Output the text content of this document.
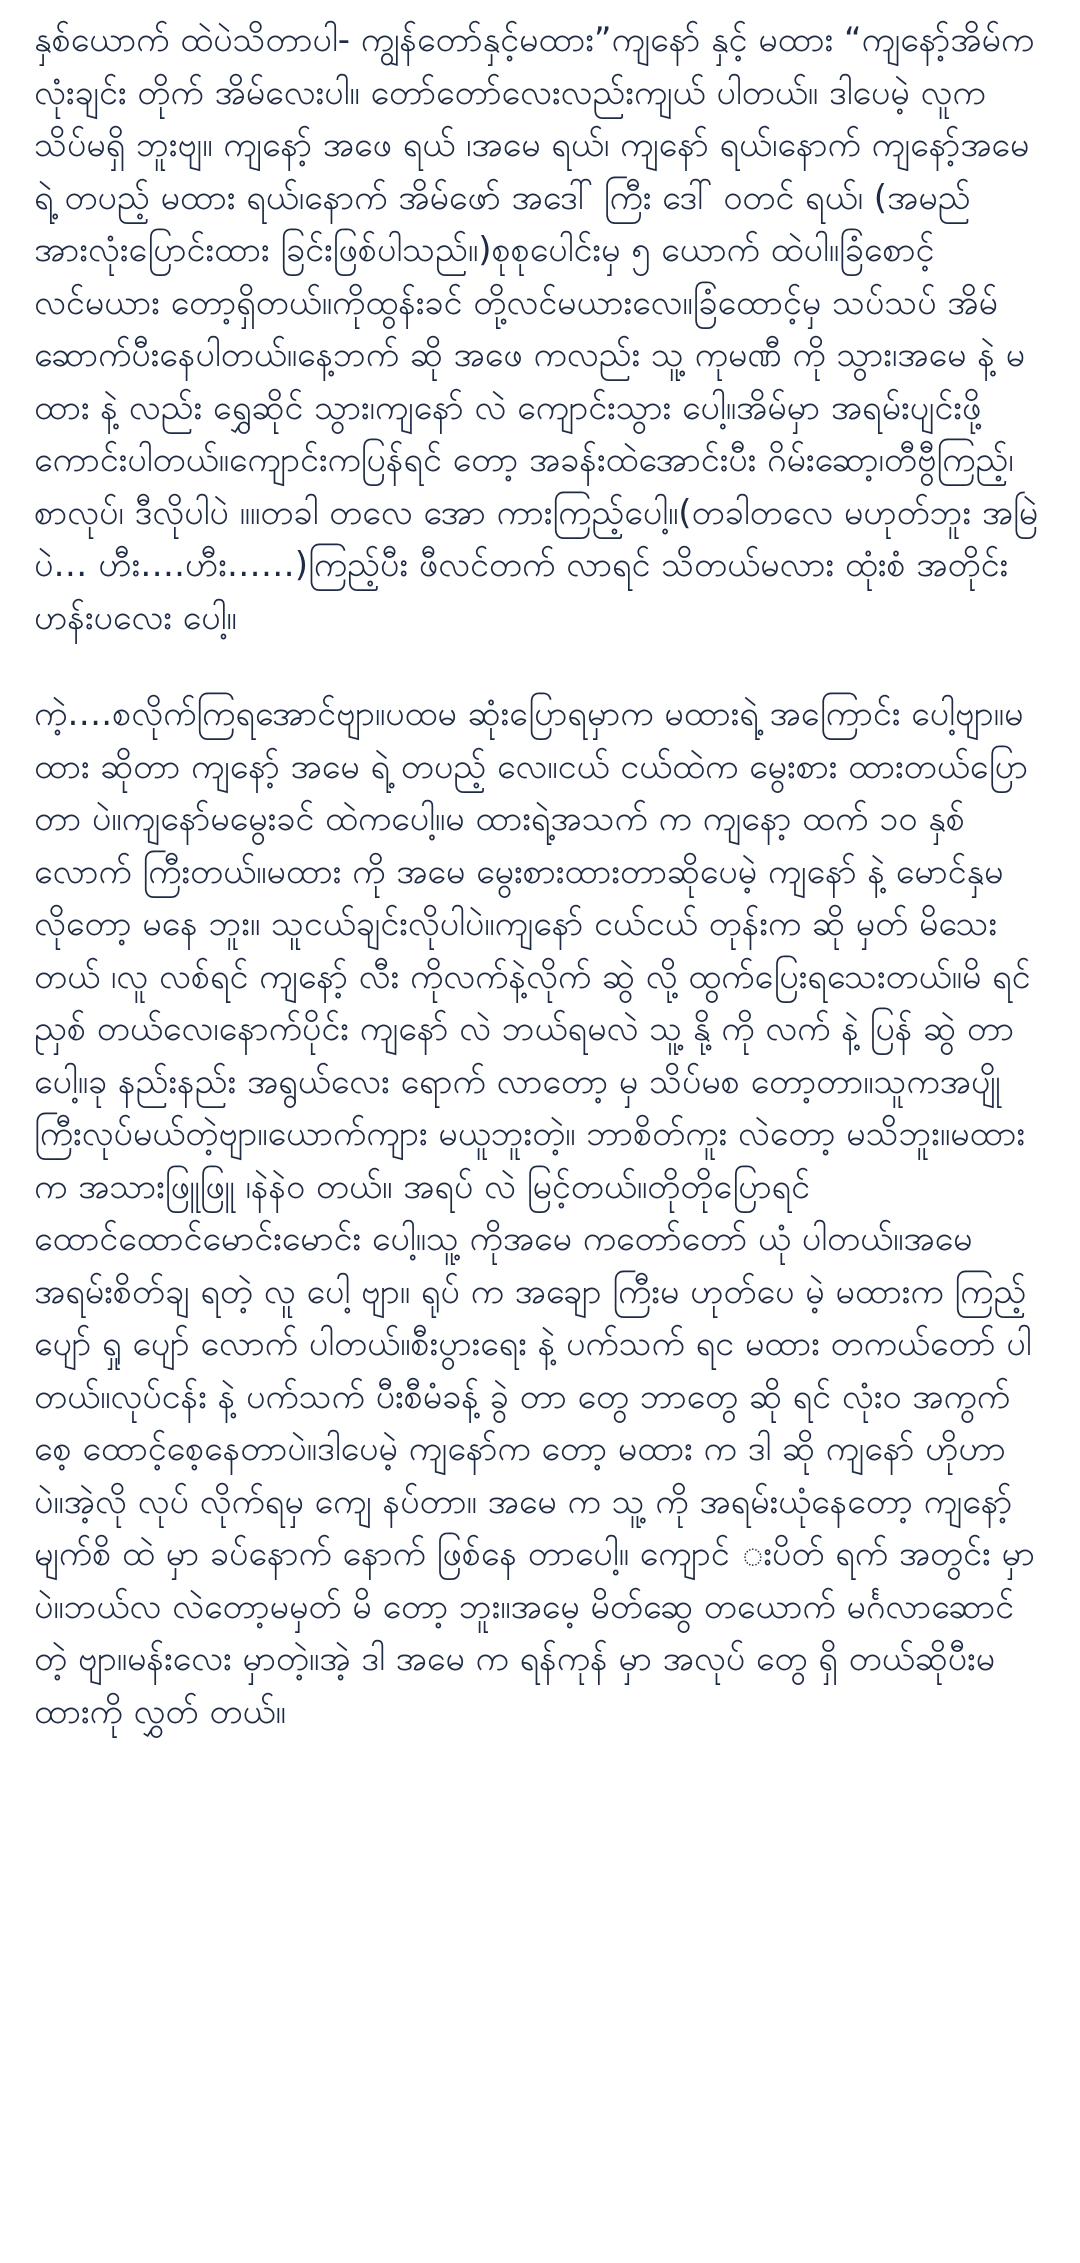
နှစ်ယောက် ထဲပဲသိတာပါ- ကျွန်တော်နှင့်မထား”ကျနော် နှင့် မထား “ကျနော့်အိမ်က လုံးချင်း တိုက် အိမ်လေးပါ။ တော်တော်လေးလည်းကျယ် ပါတယ်။ ဒါပေမဲ့ လူက သိပ်မရှိ ဘူးဗျ။ ကျနော့် အဖေ ရယ် ၊အမေ ရယ်၊ ကျနော် ရယ်၊နောက် ကျနော့်အမေ ရဲ့ တပည့် မထား ရယ်၊နောက် အိမ်ဖော် အဒေါ် ကြီး ဒေါ် ဝတင် ရယ်၊ (အမည်အားလုံးပြောင်းထား ခြင်းဖြစ်ပါသည်။)စုစုပေါင်းမှ ၅ ယောက် ထဲပါ။ခြံစောင့်လင်မယား တော့ရှိတယ်။ကိုထွန်းခင် တို့လင်မယားလေ။ခြံထောင့်မှ သပ်သပ် အိမ် ဆောက်ပီးနေပါတယ်။နေ့ဘက် ဆို အဖေ ကလည်း သူ့ ကုမဏီ ကို သွား၊အမေ နဲ့ မထား နဲ့ လည်း ရွှေဆိုင် သွား၊ကျနော် လဲ ကျောင်းသွား ပေါ့။အိမ်မှာ အရမ်းပျင်းဖို့ကောင်းပါတယ်။ကျောင်းကပြန်ရင် တော့ အခန်းထဲအောင်းပီး ဂိမ်းဆော့၊တီဗွီကြည့်၊စာလုပ်၊ ဒီလိုပါပဲ ။။တခါ တလေ အော ကားကြည့်ပေါ့။(တခါတလေ မဟုတ်ဘူး အမြဲ ပဲ… ဟီး….ဟီး……)ကြည့်ပီး ဖီလင်တက် လာရင် သိတယ်မလား ထုံးစံ အတိုင်း ဟန်းပလေး ပေါ့။

ကဲ့….စလိုက်ကြရအောင်ဗျာ။ပထမ ဆုံးပြောရမှာက မထားရဲ့ အကြောင်း ပေါ့ဗျာ။မထား ဆိုတာ ကျနော့် အမေ ရဲ့ တပည့် လေ။ငယ် ငယ်ထဲက မွေးစား ထားတယ်ပြောတာ ပဲ။ကျနော်မမွေးခင် ထဲကပေါ့။မ ထားရဲ့အသက် က ကျနော့ ထက် ၁၀ နှစ်လောက် ကြီးတယ်။မထား ကို အမေ မွေးစားထားတာဆိုပေမဲ့ ကျနော် နဲ့ မောင်နှမ လိုတော့ မနေ ဘူး။ သူငယ်ချင်းလိုပါပဲ။ကျနော် ငယ်ငယ် တုန်းက ဆို မှတ် မိသေးတယ် ၊လူ လစ်ရင် ကျနော့် လီး ကိုလက်နဲ့လိုက် ဆွဲ လို့ ထွက်ပြေးရသေးတယ်။မိ ရင် ညှစ် တယ်လေ၊နောက်ပိုင်း ကျနော် လဲ ဘယ်ရမလဲ သူ့ နို့ ကို လက် နဲ့ ပြန် ဆွဲ တာပေါ့။ခု နည်းနည်း အရွယ်လေး ရောက် လာတော့ မှ သိပ်မစ တော့တာ။သူကအပျို ကြီးလုပ်မယ်တဲ့ဗျာ။ယောက်ကျား မယူဘူးတဲ့။ ဘာစိတ်ကူး လဲတော့ မသိဘူး။မထားက အသားဖြူဖြူ ၊နဲနဲဝ တယ်။ အရပ် လဲ မြင့်တယ်။တိုတိုပြောရင် ထောင်ထောင်မောင်းမောင်း ပေါ့။သူ့ ကိုအမေ ကတော်တော် ယုံ ပါတယ်။အမေ အရမ်းစိတ်ချ ရတဲ့ လူ ပေါ့ ဗျာ။ ရုပ် က အချော ကြီးမ ဟုတ်ပေ မဲ့ မထားက ကြည့်ပျော် ရှု ပျော် လောက် ပါတယ်။စီးပွားရေး နဲ့ ပက်သက် ရင မထား တကယ်တော် ပါ တယ်။လုပ်ငန်း နဲ့ ပက်သက် ပီးစီမံခန့် ခွဲ တာ တွေ ဘာတွေ ဆို ရင် လုံး၀ အကွက် စေ့ ထောင့်စေ့နေတာပဲ။ဒါပေမဲ့ ကျနော်က တော့ မထား က ဒါ ဆို ကျနော် ဟိုဟာ ပဲ။အဲ့လို လုပ် လိုက်ရမှ ကျေ နပ်တာ။ အမေ က သူ့ ကို အရမ်းယုံနေတော့ ကျနော့် မျက်စိ ထဲ မှာ ခပ်နောက် နောက် ဖြစ်နေ တာပေါ့။ ကျောင် းပိတ် ရက် အတွင်း မှာပဲ။ဘယ်လ လဲတော့မမှတ် မိ တော့ ဘူး။အမေ့ မိတ်ဆွေ တယောက် မင်္ဂလာဆောင် တဲ့ ဗျာ။မန်းလေး မှာတဲ့။အဲ့ ဒါ အမေ က ရန်ကုန် မှာ အလုပ် တွေ ရှိ တယ်ဆိုပီးမထားကို လွှတ် တယ်။
